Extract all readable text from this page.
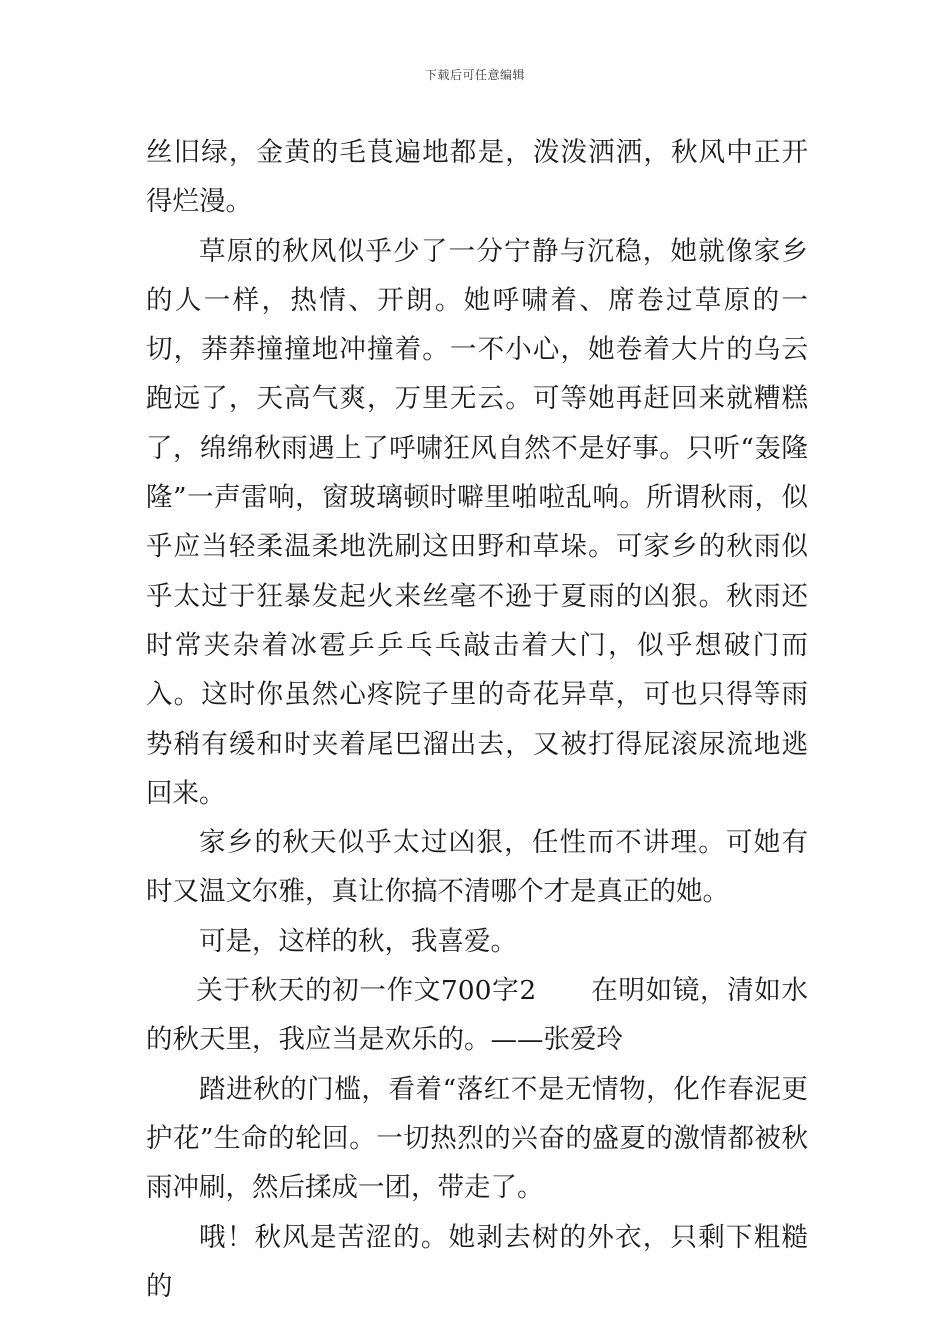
下载后可任意编辑

丝旧绿，金黄的毛茛遍地都是，泼泼洒洒，秋风中正开得烂漫。

草原的秋风似乎少了一分宁静与沉稳，她就像家乡的人一样，热情、开朗。她呼啸着、席卷过草原的一切，莽莽撞撞地冲撞着。一不小心，她卷着大片的乌云跑远了，天高气爽，万里无云。可等她再赶回来就糟糕了，绵绵秋雨遇上了呼啸狂风自然不是好事。只听“轰隆隆”一声雷响，窗玻璃顿时噼里啪啦乱响。所谓秋雨，似乎应当轻柔温柔地洗刷这田野和草垛。可家乡的秋雨似乎太过于狂暴发起火来丝毫不逊于夏雨的凶狠。秋雨还时常夹杂着冰雹乒乒乓乓敲击着大门，似乎想破门而入。这时你虽然心疼院子里的奇花异草，可也只得等雨势稍有缓和时夹着尾巴溜出去，又被打得屁滚尿流地逃回来。

家乡的秋天似乎太过凶狠，任性而不讲理。可她有时又温文尔雅，真让你搞不清哪个才是真正的她。

可是，这样的秋，我喜爱。

关于秋天的初一作文700字2　　在明如镜，清如水的秋天里，我应当是欢乐的。——张爱玲

踏进秋的门槛，看着“落红不是无情物，化作春泥更护花”生命的轮回。一切热烈的兴奋的盛夏的激情都被秋雨冲刷，然后揉成一团，带走了。

哦！秋风是苦涩的。她剥去树的外衣，只剩下粗糙的
